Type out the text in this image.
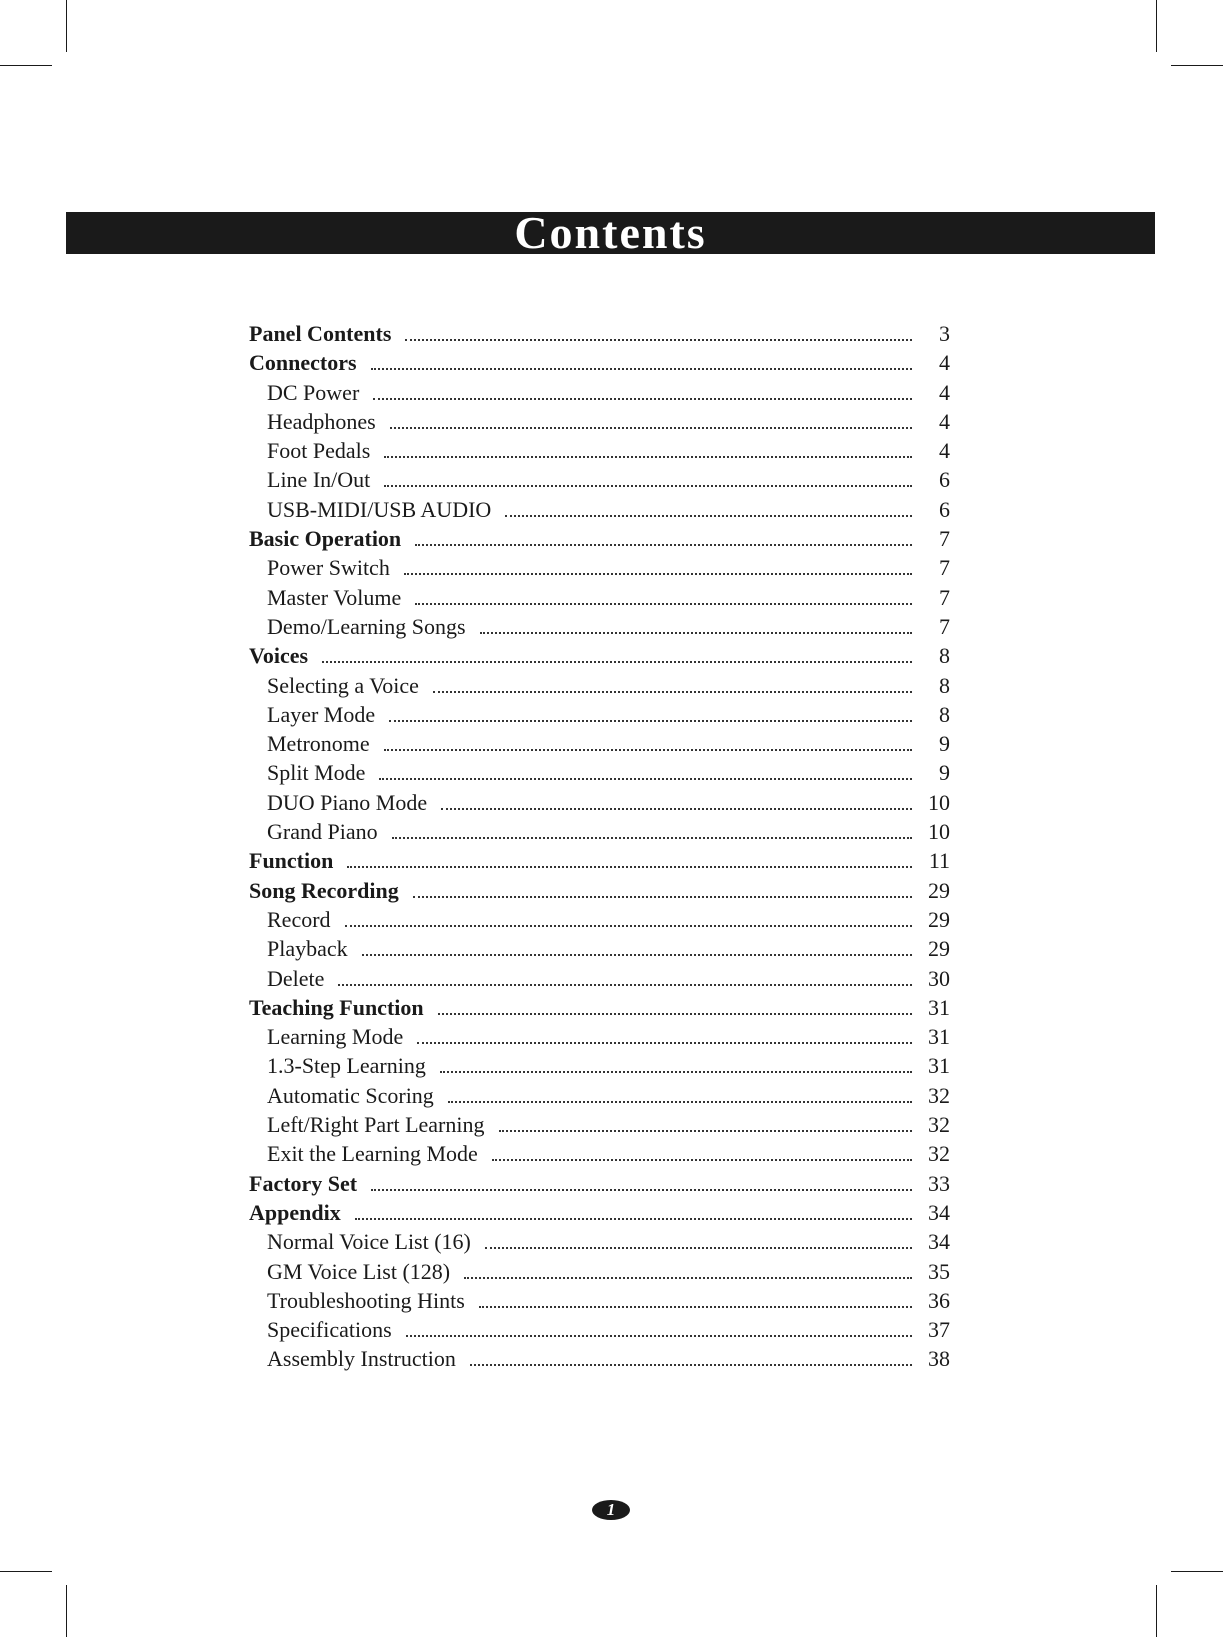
Contents
Panel Contents	3
Connectors	4
DC Power	4
Headphones	4
Foot Pedals	4
Line In/Out	6
USB-MIDI/USB AUDIO	6
Basic Operation	7
Power Switch	7
Master Volume	7
Demo/Learning Songs	7
Voices	8
Selecting a Voice	8
Layer Mode	8
Metronome	9
Split Mode	9
DUO Piano Mode	10
Grand Piano	10
Function	11
Song Recording	29
Record	29
Playback	29
Delete	30
Teaching Function	31
Learning Mode	31
1.3-Step Learning	31
Automatic Scoring	32
Left/Right Part Learning	32
Exit the Learning Mode	32
Factory Set	33
Appendix	34
Normal Voice List (16)	34
GM Voice List (128)	35
Troubleshooting Hints	36
Specifications	37
Assembly Instruction	38
1
